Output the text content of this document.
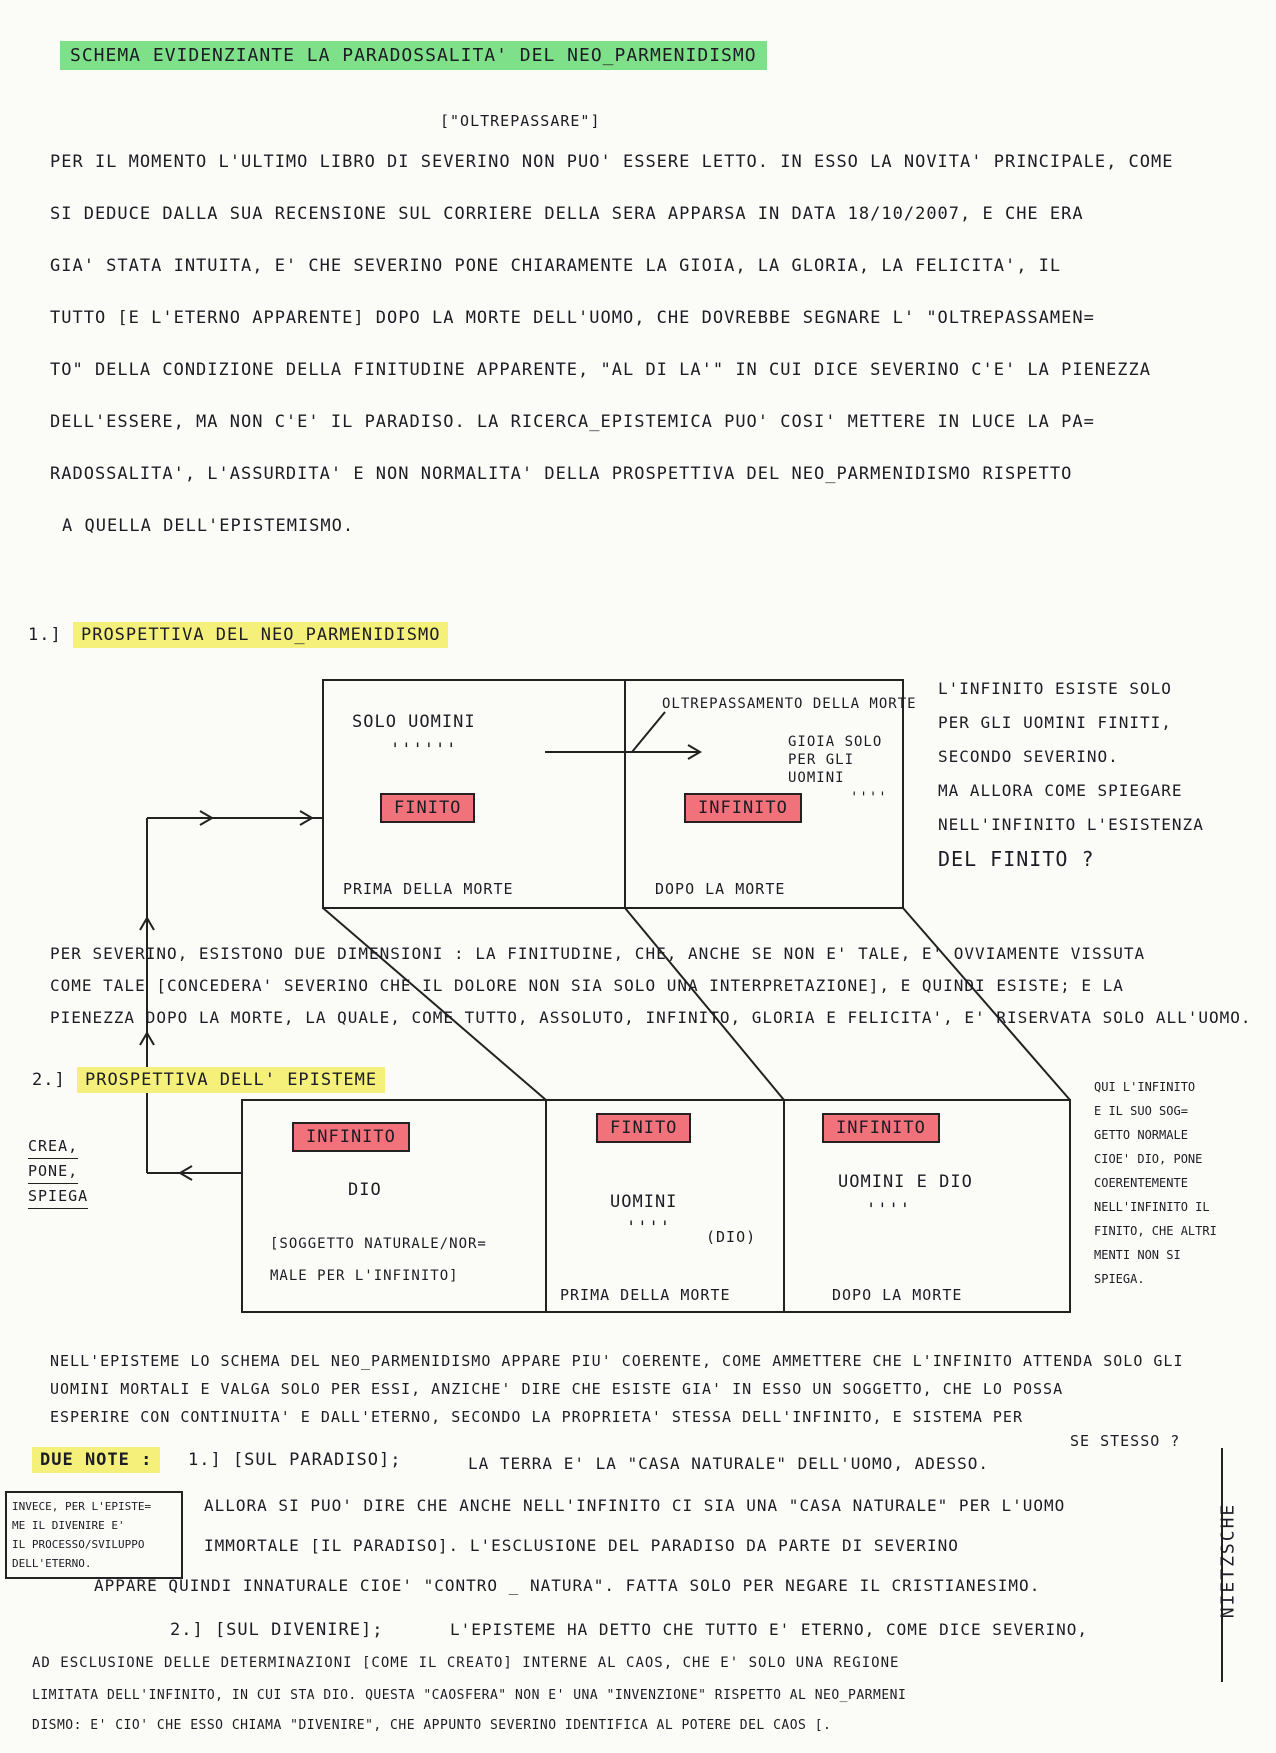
SCHEMA EVIDENZIANTE LA PARADOSSALITA' DEL NEO_PARMENIDISMO
["OLTREPASSARE"]
PER IL MOMENTO L'ULTIMO LIBRO DI SEVERINO NON PUO' ESSERE LETTO. IN ESSO LA NOVITA' PRINCIPALE, COME
SI DEDUCE DALLA SUA RECENSIONE SUL CORRIERE DELLA SERA APPARSA IN DATA 18/10/2007, E CHE ERA
GIA' STATA INTUITA, E' CHE SEVERINO PONE CHIARAMENTE LA GIOIA, LA GLORIA, LA FELICITA', IL
TUTTO [E L'ETERNO APPARENTE] DOPO LA MORTE DELL'UOMO, CHE DOVREBBE SEGNARE L' "OLTREPASSAMEN=
TO" DELLA CONDIZIONE DELLA FINITUDINE APPARENTE, "AL DI LA'" IN CUI DICE SEVERINO C'E' LA PIENEZZA
DELL'ESSERE, MA NON C'E' IL PARADISO. LA RICERCA_EPISTEMICA PUO' COSI' METTERE IN LUCE LA PA=
RADOSSALITA', L'ASSURDITA' E NON NORMALITA' DELLA PROSPETTIVA DEL NEO_PARMENIDISMO RISPETTO
A QUELLA DELL'EPISTEMISMO.
1.] PROSPETTIVA DEL NEO_PARMENIDISMO
SOLO UOMINI
''''''
FINITO
PRIMA DELLA MORTE
OLTREPASSAMENTO DELLA MORTE
GIOIA SOLO
PER GLI
UOMINI
''''
INFINITO
DOPO LA MORTE
L'INFINITO ESISTE SOLO
PER GLI UOMINI FINITI,
SECONDO SEVERINO.
MA ALLORA COME SPIEGARE
NELL'INFINITO L'ESISTENZA
DEL FINITO ?
PER SEVERINO, ESISTONO DUE DIMENSIONI : LA FINITUDINE, CHE, ANCHE SE NON E' TALE, E' OVVIAMENTE VISSUTA
COME TALE [CONCEDERA' SEVERINO CHE IL DOLORE NON SIA SOLO UNA INTERPRETAZIONE], E QUINDI ESISTE; E LA
PIENEZZA DOPO LA MORTE, LA QUALE, COME TUTTO, ASSOLUTO, INFINITO, GLORIA E FELICITA', E' RISERVATA SOLO ALL'UOMO.
2.] PROSPETTIVA DELL' EPISTEME
CREA,
PONE,
SPIEGA
INFINITO
DIO
[SOGGETTO NATURALE/NOR=
MALE PER L'INFINITO]
FINITO
UOMINI
'''' (DIO)
PRIMA DELLA MORTE
INFINITO
UOMINI E DIO
''''
DOPO LA MORTE
QUI L'INFINITO
E IL SUO SOG=
GETTO NORMALE
CIOE' DIO, PONE
COERENTEMENTE
NELL'INFINITO IL
FINITO, CHE ALTRI
MENTI NON SI
SPIEGA.
NELL'EPISTEME LO SCHEMA DEL NEO_PARMENIDISMO APPARE PIU' COERENTE, COME AMMETTERE CHE L'INFINITO ATTENDA SOLO GLI
UOMINI MORTALI E VALGA SOLO PER ESSI, ANZICHE' DIRE CHE ESISTE GIA' IN ESSO UN SOGGETTO, CHE LO POSSA
ESPERIRE CON CONTINUITA' E DALL'ETERNO, SECONDO LA PROPRIETA' STESSA DELL'INFINITO, E SISTEMA PER
SE STESSO ?
DUE NOTE :	1.] [SUL PARADISO];	LA TERRA E' LA "CASA NATURALE" DELL'UOMO, ADESSO.
ALLORA SI PUO' DIRE CHE ANCHE NELL'INFINITO CI SIA UNA "CASA NATURALE" PER L'UOMO
IMMORTALE [IL PARADISO]. L'ESCLUSIONE DEL PARADISO DA PARTE DI SEVERINO
APPARE QUINDI INNATURALE CIOE' "CONTRO _ NATURA". FATTA SOLO PER NEGARE IL CRISTIANESIMO.
INVECE, PER L'EPISTE=
ME IL DIVENIRE E'
IL PROCESSO/SVILUPPO
DELL'ETERNO.
2.] [SUL DIVENIRE];	L'EPISTEME HA DETTO CHE TUTTO E' ETERNO, COME DICE SEVERINO,
AD ESCLUSIONE DELLE DETERMINAZIONI [COME IL CREATO] INTERNE AL CAOS, CHE E' SOLO UNA REGIONE
LIMITATA DELL'INFINITO, IN CUI STA DIO. QUESTA "CAOSFERA" NON E' UNA "INVENZIONE" RISPETTO AL NEO_PARMENI
DISMO: E' CIO' CHE ESSO CHIAMA "DIVENIRE", CHE APPUNTO SEVERINO IDENTIFICA AL POTERE DEL CAOS [.
NIETZSCHE
